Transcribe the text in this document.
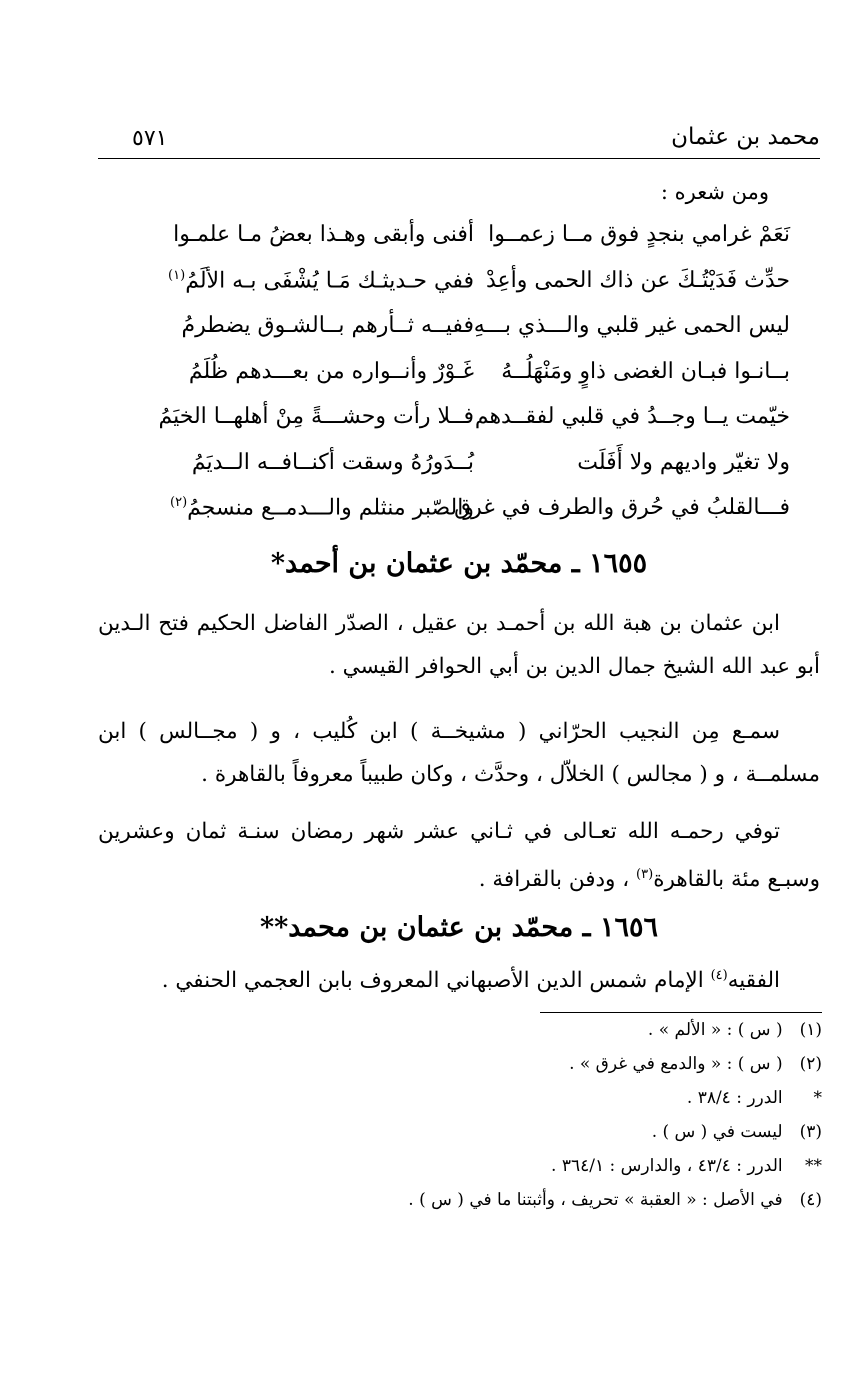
محمد بن عثمان
٥٧١
ومن شعره :
نَعَمْ غرامي بنجدٍ فوق مــا زعمــوا
أفنى وأبقى وهـذا بعضُ مـا علمـوا
حدِّث فَدَيْتُـكَ عن ذاك الحمى وأعِدْ
ففي حـديثـك مَـا يُشْفَى بـه الألَمُ$^{(١)}$
ليس الحمى غير قلبي والـــذي بـــهِ
ففيــه ثــأرهم بــالشـوق يضطرمُ
بــانـوا فبـان الغضى ذاوٍ ومَنْهَلُــهُ
غَـوْرٌ وأنــواره من بعـــدهم ظُلَمُ
خيّمت يــا وجــدُ في قلبي لفقــدهم
فــلا رأت وحشـــةً مِنْ أهلهــا الخيَمُ
ولا تغيّر واديهم ولا أَفَلَت
بُــدَورُهُ وسقت أكنــافــه الــديَمُ
فـــالقلبُ في حُرق والطرف في غرق
والصّبر منثلم والـــدمــع منسجمُ$^{(٢)}$
١٦٥٥ ـ محمّد بن عثمان بن أحمد*
ابن عثمان بن هبة الله بن أحمـد بن عقيل ، الصدّر الفاضل الحكيم فتح الـدين أبو عبد الله الشيخ جمال الدين بن أبي الحوافر القيسي .
سمـع مِن النجيب الحرّاني ( مشيخــة ) ابن كُليب ، و ( مجــالس ) ابن مسلمــة ، و ( مجالس ) الخلاّل ، وحدَّث ، وكان طبيباً معروفاً بالقاهرة .
توفي رحمـه الله تعـالى في ثـاني عشر شهر رمضان سنـة ثمان وعشرين وسبـع مئة بالقاهرة$^{(٣)}$ ، ودفن بالقرافة .
١٦٥٦ ـ محمّد بن عثمان بن محمد**
الفقيه$^{(٤)}$ الإمام شمس الدين الأصبهاني المعروف بابن العجمي الحنفي .
(١) ( س ) : « الألم » .
(٢) ( س ) : « والدمع في غرق » .
* الدرر : ٣٨/٤ .
(٣) ليست في ( س ) .
** الدرر : ٤٣/٤ ، والدارس : ٣٦٤/١ .
(٤) في الأصل : « العقبة » تحريف ، وأثبتنا ما في ( س ) .
